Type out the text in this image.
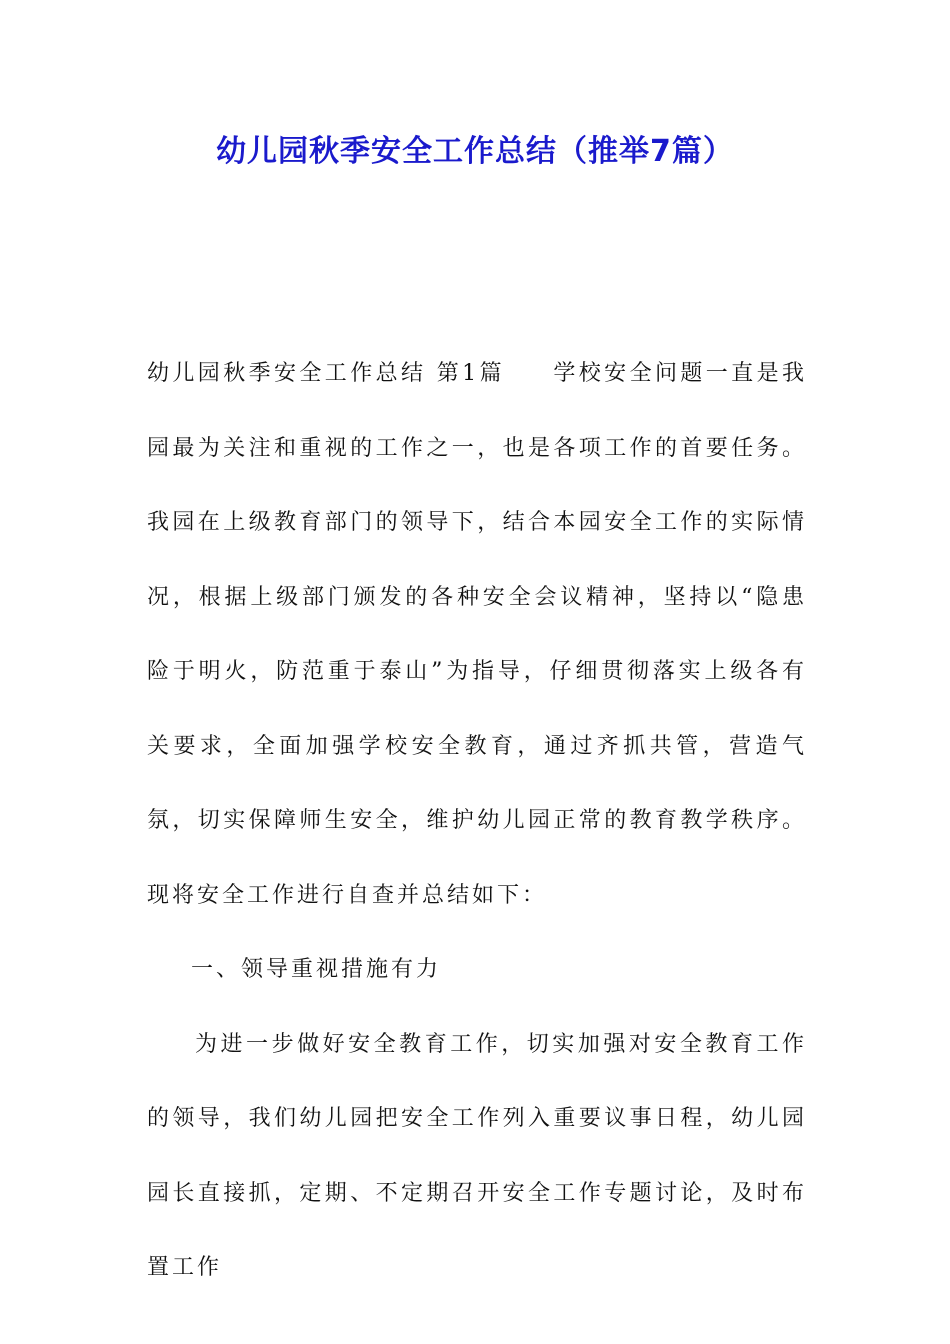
幼儿园秋季安全工作总结（推举7篇）

幼儿园秋季安全工作总结 第1篇 学校安全问题一直是我园最为关注和重视的工作之一，也是各项工作的首要任务。我园在上级教育部门的领导下，结合本园安全工作的实际情况，根据上级部门颁发的各种安全会议精神，坚持以“隐患险于明火，防范重于泰山”为指导，仔细贯彻落实上级各有关要求，全面加强学校安全教育，通过齐抓共管，营造气氛，切实保障师生安全，维护幼儿园正常的教育教学秩序。现将安全工作进行自查并总结如下：

一、领导重视措施有力

为进一步做好安全教育工作，切实加强对安全教育工作的领导，我们幼儿园把安全工作列入重要议事日程，幼儿园园长直接抓，定期、不定期召开安全工作专题讨论，及时布置工作
